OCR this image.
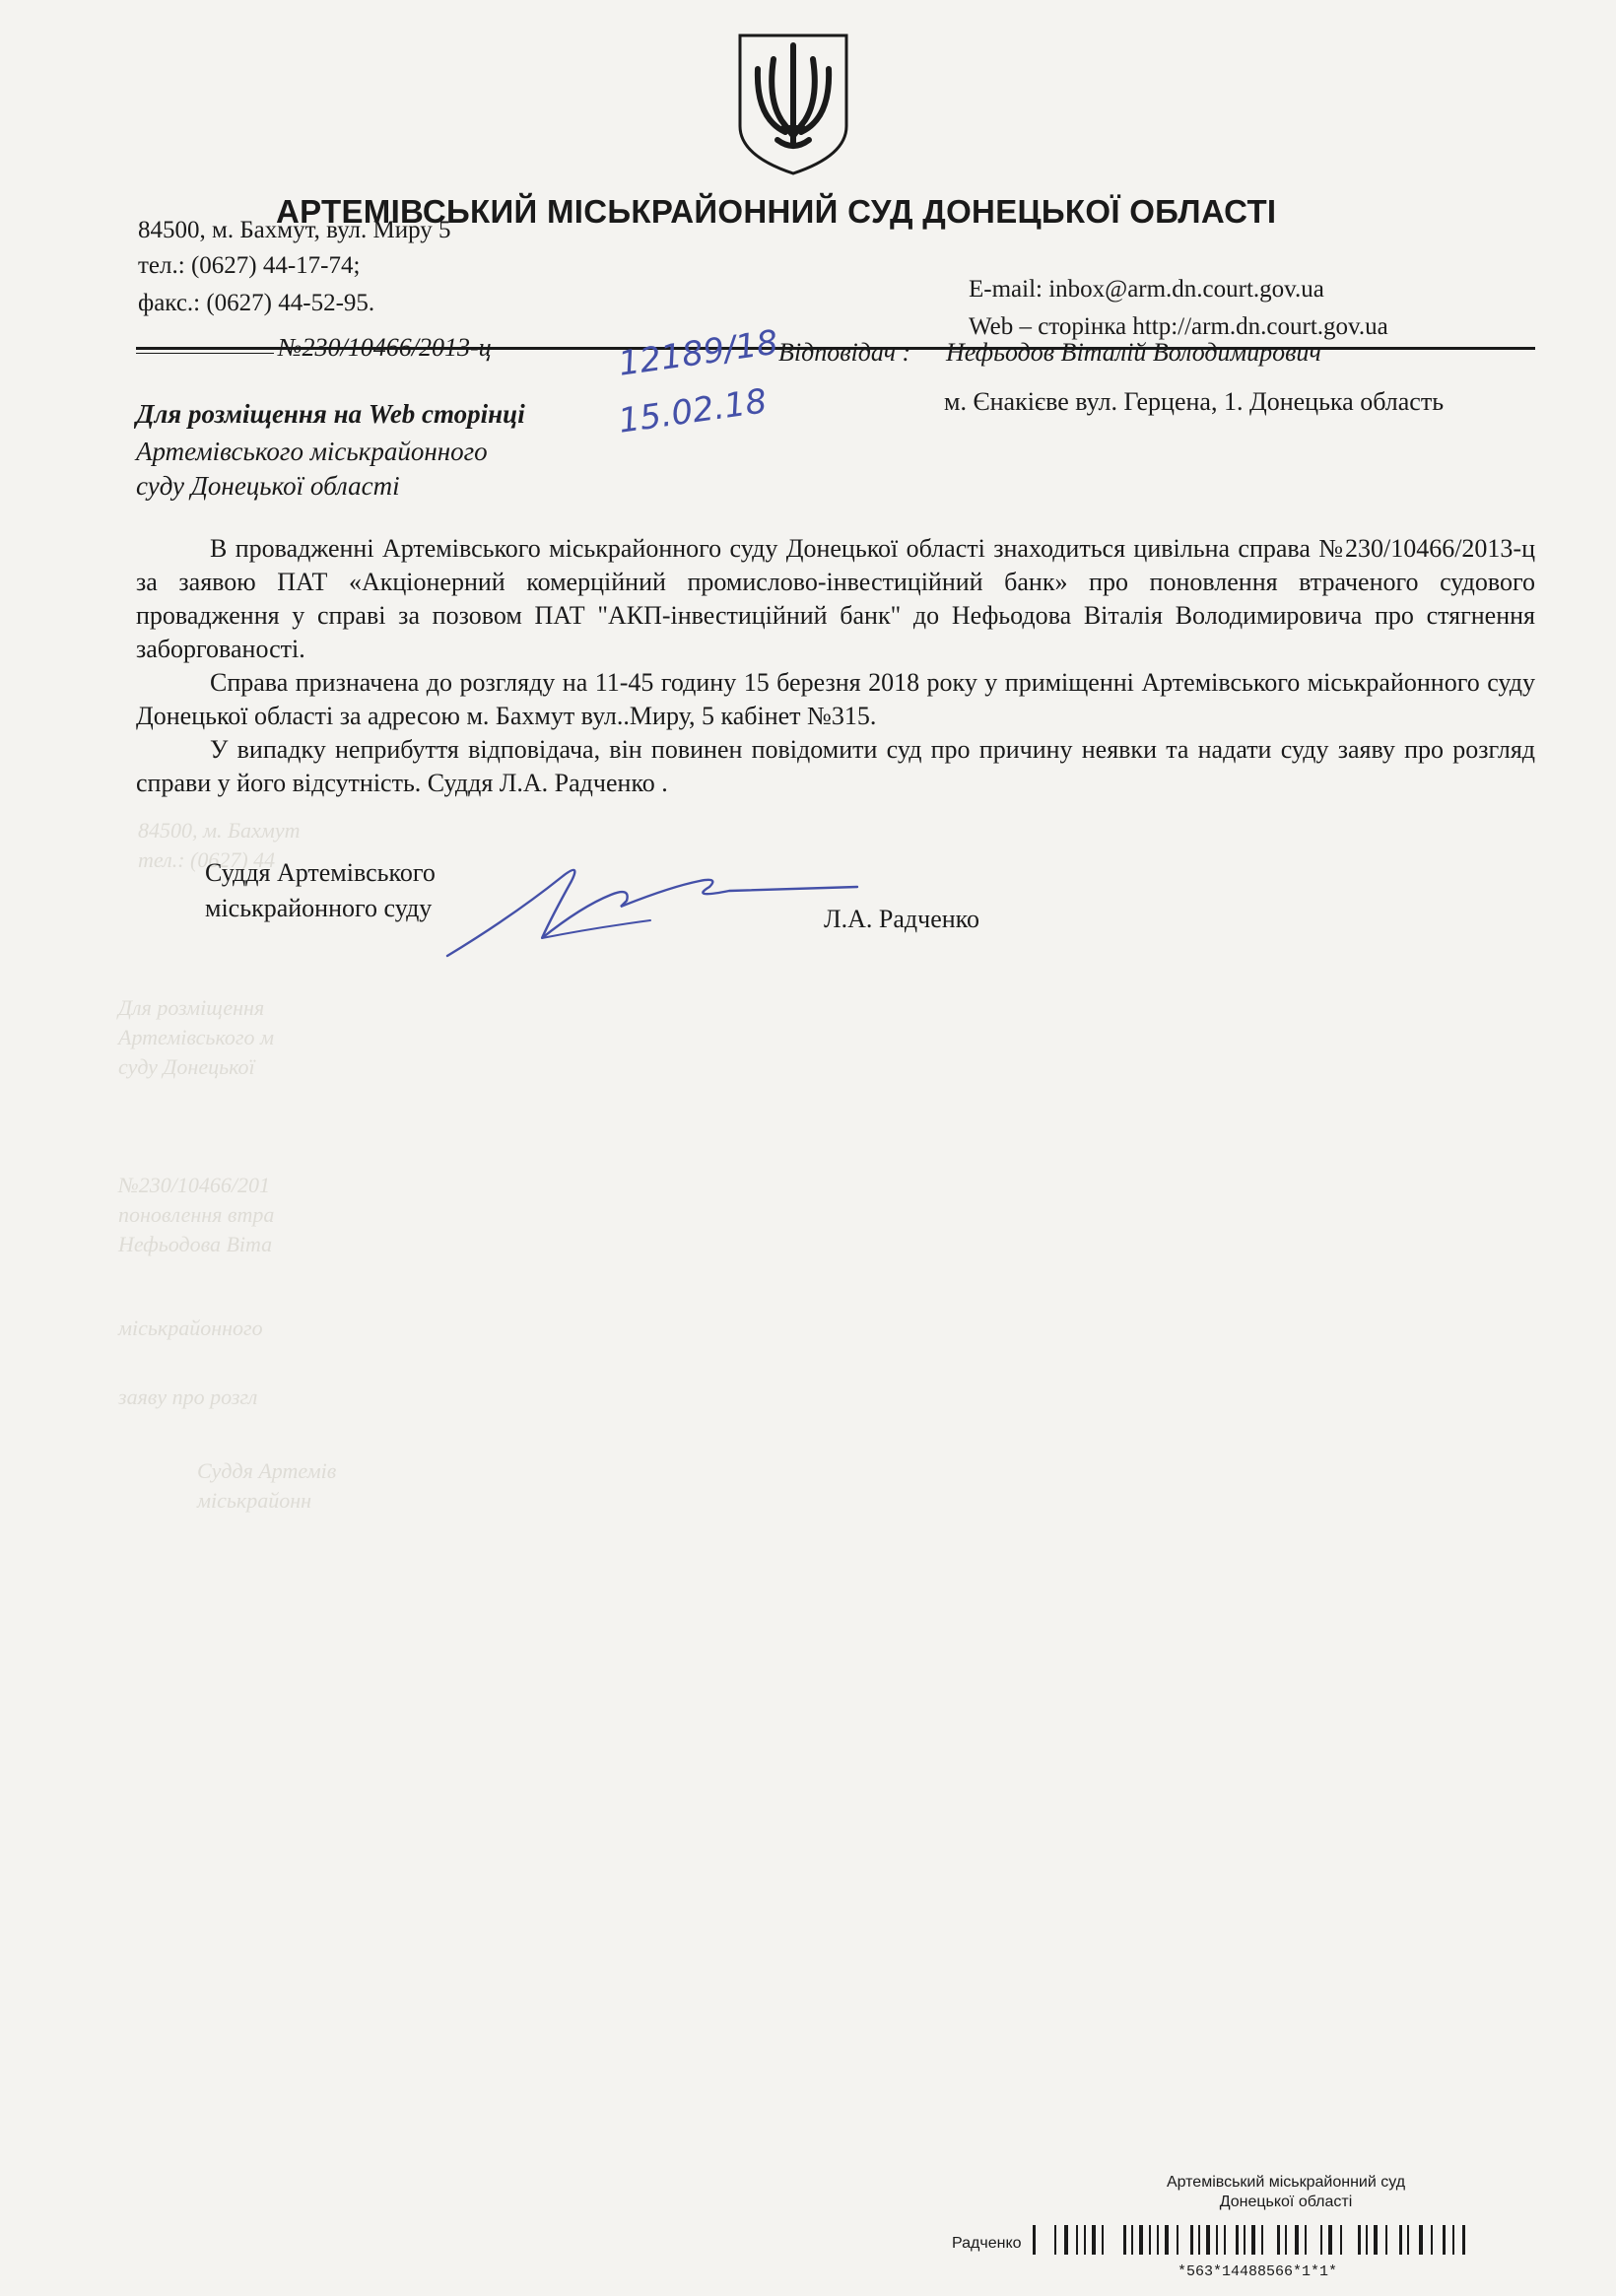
84500, м. Бахмут
тел.: (0627) 44
Для розміщення
Артемівського м
суду Донецької
№230/10466/201
поновлення втра
Нефьодова Віта
міськрайонного
заяву про розгл
Суддя Артемів
міськрайонн
АРТЕМІВСЬКИЙ МІСЬКРАЙОННИЙ СУД ДОНЕЦЬКОЇ ОБЛАСТІ
84500, м. Бахмут, вул. Миру 5
тел.: (0627) 44-17-74;
факс.: (0627) 44-52-95.
E-mail: inbox@arm.dn.court.gov.ua
Web – сторінка http://arm.dn.court.gov.ua
№230/10466/2013-ц	12189/18
15.02.18
Відповідач : Нефьодов Віталій Володимирович
м. Єнакієве вул. Герцена, 1. Донецька область
Для розміщення на Web сторінці
Артемівського міськрайонного
суду Донецької області

В провадженні Артемівського міськрайонного суду Донецької області знаходиться цивільна справа №230/10466/2013-ц за заявою ПАТ «Акціонерний комерційний промислово-інвестиційний банк» про поновлення втраченого судового провадження у справі за позовом ПАТ "АКП-інвестиційний банк" до Нефьодова Віталія Володимировича про стягнення заборгованості.

Справа призначена до розгляду на 11-45 годину 15 березня 2018 року у приміщенні Артемівського міськрайонного суду Донецької області за адресою м. Бахмут вул..Миру, 5 кабінет №315.

У випадку неприбуття відповідача, він повинен повідомити суд про причину неявки та надати суду заяву про розгляд справи у його відсутність. Суддя Л.А. Радченко .

Суддя Артемівського
міськрайонного суду	Л.А. Радченко
Артемівський міськрайонний суд
Донецької області
Радченко
*563*14488566*1*1*
